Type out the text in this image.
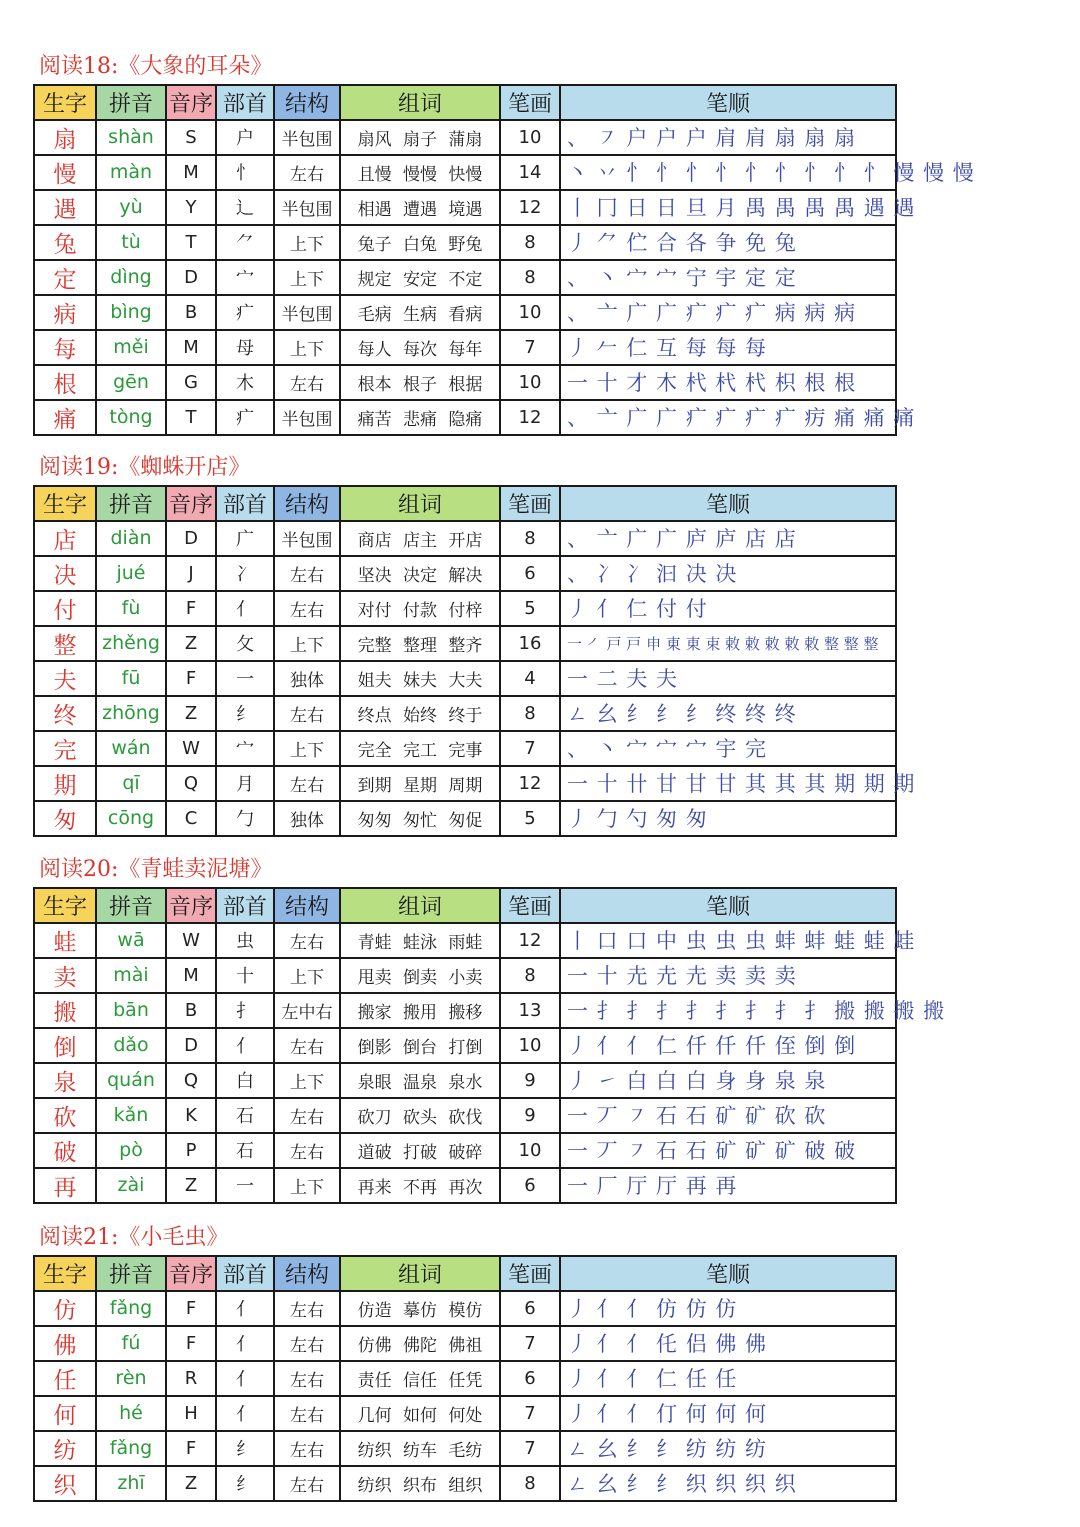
阅读18:《大象的耳朵》
生字	拼音	音序	部首	结构	组词	笔画	笔顺
扇	shàn	S	户	半包围	扇风 扇子 蒲扇	10	、 ㇇ 户 户 户 肩 肩 扇 扇 扇
慢	màn	M	忄	左右	且慢 慢慢 快慢	14	丶 丷 忄 忄 忄 忄 忄 忄 忄 忄 忄 慢 慢 慢
遇	yù	Y	辶	半包围	相遇 遭遇 境遇	12	丨 冂 日 日 旦 月 禺 禺 禺 禺 遇 遇
兔	tù	T	⺈	上下	兔子 白兔 野兔	8	丿 ⺈ 伫 合 各 争 免 兔
定	dìng	D	宀	上下	规定 安定 不定	8	、 丶 宀 宀 宁 宇 定 定
病	bìng	B	疒	半包围	毛病 生病 看病	10	、 亠 广 广 疒 疒 疒 病 病 病
每	měi	M	母	上下	每人 每次 每年	7	丿 𠂉 仁 互 每 每 每
根	gēn	G	木	左右	根本 根子 根据	10	一 十 才 木 杙 杙 杙 枳 根 根
痛	tòng	T	疒	半包围	痛苦 悲痛 隐痛	12	、 亠 广 广 疒 疒 疒 疒 疠 痛 痛 痛
阅读19:《蜘蛛开店》
生字	拼音	音序	部首	结构	组词	笔画	笔顺
店	diàn	D	广	半包围	商店 店主 开店	8	、 亠 广 广 庐 庐 店 店
决	jué	J	冫	左右	坚决 决定 解决	6	、 冫 冫 汩 决 决
付	fù	F	亻	左右	对付 付款 付梓	5	丿 亻 仁 付 付
整	zhěng	Z	攵	上下	完整 整理 整齐	16	一 ㇒ 戸 戸 申 東 東 束 敕 敕 敕 敕 敕 整 整 整
夫	fū	F	一	独体	姐夫 妹夫 大夫	4	一 二 夫 夫
终	zhōng	Z	纟	左右	终点 始终 终于	8	ㄥ 幺 纟 纟 纟 终 终 终
完	wán	W	宀	上下	完全 完工 完事	7	、 丶 宀 宀 宀 宇 完
期	qī	Q	月	左右	到期 星期 周期	12	一 十 卄 甘 甘 甘 其 其 其 期 期 期
匆	cōng	C	勹	独体	匆匆 匆忙 匆促	5	丿 勹 勺 匆 匆
阅读20:《青蛙卖泥塘》
生字	拼音	音序	部首	结构	组词	笔画	笔顺
蛙	wā	W	虫	左右	青蛙 蛙泳 雨蛙	12	丨 口 口 中 虫 虫 虫 蚌 蚌 蛙 蛙 蛙
卖	mài	M	十	上下	甩卖 倒卖 小卖	8	一 十 圥 圥 圥 卖 卖 卖
搬	bān	B	扌	左中右	搬家 搬用 搬移	13	一 扌 扌 扌 扌 扌 扌 扌 扌 搬 搬 搬 搬
倒	dǎo	D	亻	左右	倒影 倒台 打倒	10	丿 亻 亻 仁 仟 仟 仟 侄 倒 倒
泉	quán	Q	白	上下	泉眼 温泉 泉水	9	丿 ㇀ 白 白 白 身 身 泉 泉
砍	kǎn	K	石	左右	砍刀 砍头 砍伐	9	一 丆 ㇇ 石 石 矿 矿 砍 砍
破	pò	P	石	左右	道破 打破 破碎	10	一 丆 ㇇ 石 石 矿 矿 矿 破 破
再	zài	Z	一	上下	再来 不再 再次	6	一 厂 厅 厅 再 再
阅读21:《小毛虫》
生字	拼音	音序	部首	结构	组词	笔画	笔顺
仿	fǎng	F	亻	左右	仿造 摹仿 模仿	6	丿 亻 亻 仿 仿 仿
佛	fú	F	亻	左右	仿佛 佛陀 佛祖	7	丿 亻 亻 仛 侣 佛 佛
任	rèn	R	亻	左右	责任 信任 任凭	6	丿 亻 亻 仁 任 任
何	hé	H	亻	左右	几何 如何 何处	7	丿 亻 亻 仃 何 何 何
纺	fǎng	F	纟	左右	纺织 纺车 毛纺	7	ㄥ 幺 纟 纟 纺 纺 纺
织	zhī	Z	纟	左右	纺织 织布 组织	8	ㄥ 幺 纟 纟 织 织 织 织
